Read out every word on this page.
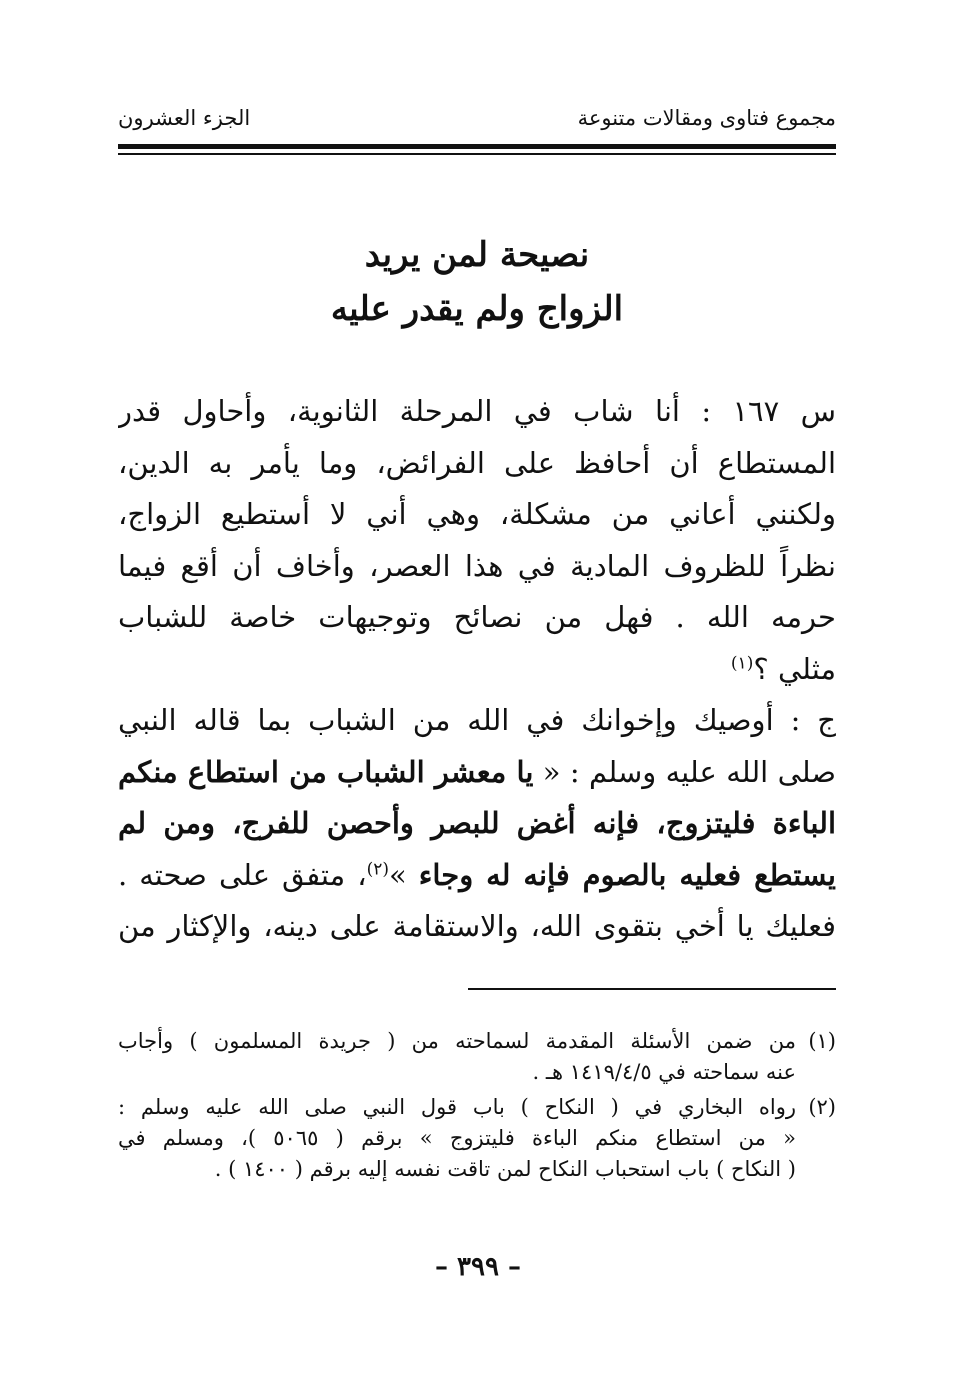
مجموع فتاوى ومقالات متنوعة
الجزء العشرون
نصيحة لمن يريد
الزواج ولم يقدر عليه
س ١٦٧ : أنا شاب في المرحلة الثانوية، وأحاول قدر
المستطاع أن أحافظ على الفرائض، وما يأمر به الدين،
ولكنني أعاني من مشكلة، وهي أني لا أستطيع الزواج،
نظراً للظروف المادية في هذا العصر، وأخاف أن أقع فيما
حرمه الله . فهل من نصائح وتوجيهات خاصة للشباب
مثلي ؟$^{(١)}$
ج : أوصيك وإخوانك في الله من الشباب بما قاله النبي
صلى الله عليه وسلم : « يا معشر الشباب من استطاع منكم
الباءة فليتزوج، فإنه أغض للبصر وأحصن للفرج، ومن لم
يستطع فعليه بالصوم فإنه له وجاء »$^{(٢)}$، متفق على صحته .
فعليك يا أخي بتقوى الله، والاستقامة على دينه، والإكثار من
(١)
من ضمن الأسئلة المقدمة لسماحته من ( جريدة المسلمون ) وأجاب
عنه سماحته في ١٤١٩/٤/٥ هـ .
(٢)
رواه البخاري في ( النكاح ) باب قول النبي صلى الله عليه وسلم :
« من استطاع منكم الباءة فليتزوج » برقم ( ٥٠٦٥ )، ومسلم في
( النكاح ) باب استحباب النكاح لمن تاقت نفسه إليه برقم ( ١٤٠٠ ) .
– ٣٩٩ –
